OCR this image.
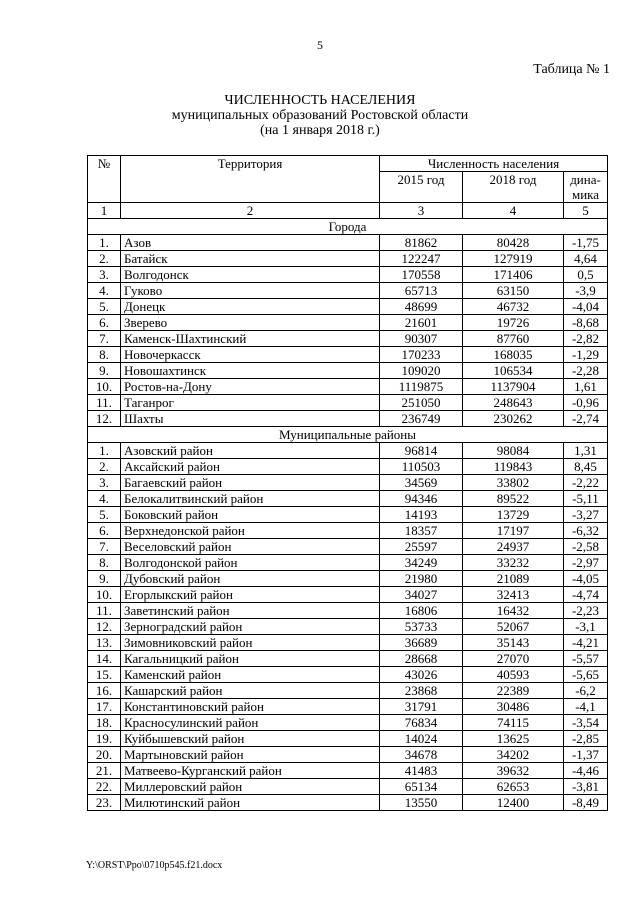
5
Таблица № 1
ЧИСЛЕННОСТЬ НАСЕЛЕНИЯ
муниципальных образований Ростовской области
(на 1 января 2018 г.)
№	Территория	Численность населения		
		2015 год	2018 год	дина-
мика
1	2	3	4	5
Города				
1.	Азов	81862	80428	-1,75
2.	Батайск	122247	127919	4,64
3.	Волгодонск	170558	171406	0,5
4.	Гуково	65713	63150	-3,9
5.	Донецк	48699	46732	-4,04
6.	Зверево	21601	19726	-8,68
7.	Каменск-Шахтинский	90307	87760	-2,82
8.	Новочеркасск	170233	168035	-1,29
9.	Новошахтинск	109020	106534	-2,28
10.	Ростов-на-Дону	1119875	1137904	1,61
11.	Таганрог	251050	248643	-0,96
12.	Шахты	236749	230262	-2,74
Муниципальные районы				
1.	Азовский район	96814	98084	1,31
2.	Аксайский район	110503	119843	8,45
3.	Багаевский район	34569	33802	-2,22
4.	Белокалитвинский район	94346	89522	-5,11
5.	Боковский район	14193	13729	-3,27
6.	Верхнедонской район	18357	17197	-6,32
7.	Веселовский район	25597	24937	-2,58
8.	Волгодонской район	34249	33232	-2,97
9.	Дубовский район	21980	21089	-4,05
10.	Егорлыкский район	34027	32413	-4,74
11.	Заветинский район	16806	16432	-2,23
12.	Зерноградский район	53733	52067	-3,1
13.	Зимовниковский район	36689	35143	-4,21
14.	Кагальницкий район	28668	27070	-5,57
15.	Каменский район	43026	40593	-5,65
16.	Кашарский район	23868	22389	-6,2
17.	Константиновский район	31791	30486	-4,1
18.	Красносулинский район	76834	74115	-3,54
19.	Куйбышевский район	14024	13625	-2,85
20.	Мартыновский район	34678	34202	-1,37
21.	Матвеево-Курганский район	41483	39632	-4,46
22.	Миллеровский район	65134	62653	-3,81
23.	Милютинский район	13550	12400	-8,49
Y:\ORST\Ppo\0710p545.f21.docx
